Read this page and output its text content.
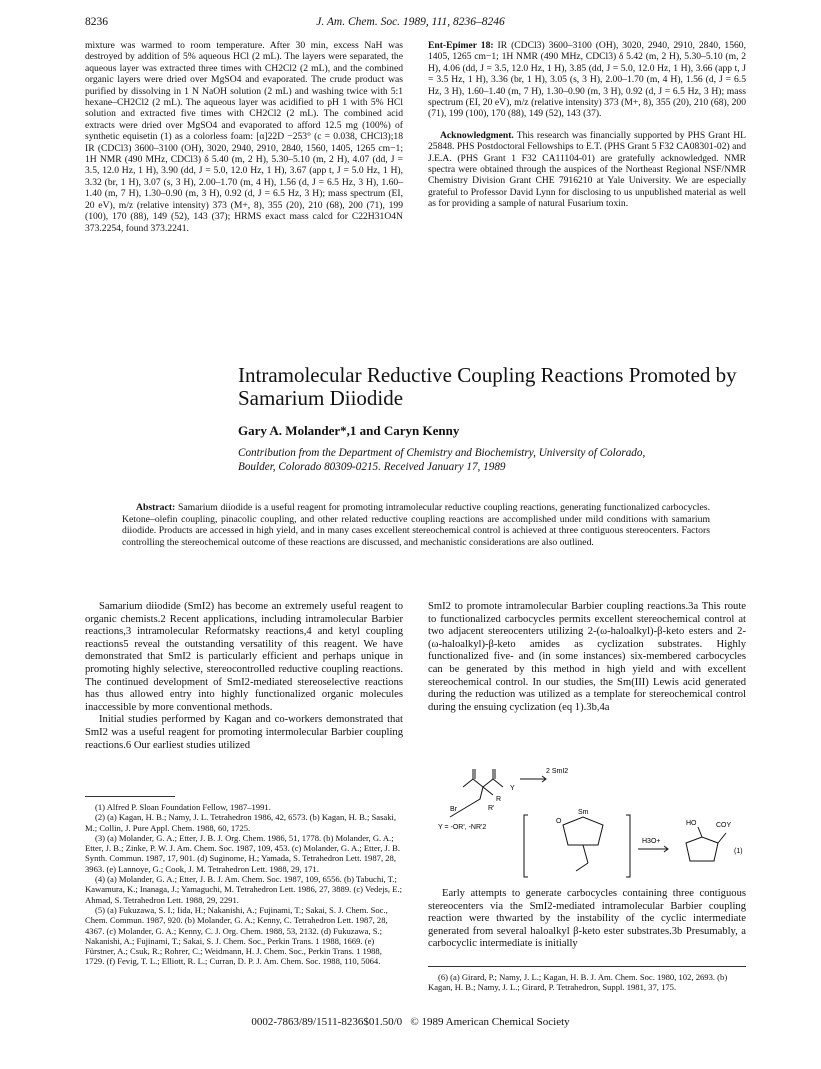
8236	J. Am. Chem. Soc. 1989, 111, 8236–8246

mixture was warmed to room temperature. After 30 min, excess NaH was destroyed by addition of 5% aqueous HCl (2 mL). The layers were separated, the aqueous layer was extracted three times with CH2Cl2 (2 mL), and the combined organic layers were dried over MgSO4 and evaporated. The crude product was purified by dissolving in 1 N NaOH solution (2 mL) and washing twice with 5:1 hexane–CH2Cl2 (2 mL). The aqueous layer was acidified to pH 1 with 5% HCl solution and extracted five times with CH2Cl2 (2 mL). The combined acid extracts were dried over MgSO4 and evaporated to afford 12.5 mg (100%) of synthetic equisetin (1) as a colorless foam: [α]22D −253° (c = 0.038, CHCl3);18 IR (CDCl3) 3600–3100 (OH), 3020, 2940, 2910, 2840, 1560, 1405, 1265 cm−1; 1H NMR (490 MHz, CDCl3) δ 5.40 (m, 2 H), 5.30–5.10 (m, 2 H), 4.07 (dd, J = 3.5, 12.0 Hz, 1 H), 3.90 (dd, J = 5.0, 12.0 Hz, 1 H), 3.67 (app t, J = 5.0 Hz, 1 H), 3.32 (br, 1 H), 3.07 (s, 3 H), 2.00–1.70 (m, 4 H), 1.56 (d, J = 6.5 Hz, 3 H), 1.60–1.40 (m, 7 H), 1.30–0.90 (m, 3 H), 0.92 (d, J = 6.5 Hz, 3 H); mass spectrum (EI, 20 eV), m/z (relative intensity) 373 (M+, 8), 355 (20), 210 (68), 200 (71), 199 (100), 170 (88), 149 (52), 143 (37); HRMS exact mass calcd for C22H31O4N 373.2254, found 373.2241.

Ent-Epimer 18: IR (CDCl3) 3600–3100 (OH), 3020, 2940, 2910, 2840, 1560, 1405, 1265 cm−1; 1H NMR (490 MHz, CDCl3) δ 5.42 (m, 2 H), 5.30–5.10 (m, 2 H), 4.06 (dd, J = 3.5, 12.0 Hz, 1 H), 3.85 (dd, J = 5.0, 12.0 Hz, 1 H), 3.66 (app t, J = 3.5 Hz, 1 H), 3.36 (br, 1 H), 3.05 (s, 3 H), 2.00–1.70 (m, 4 H), 1.56 (d, J = 6.5 Hz, 3 H), 1.60–1.40 (m, 7 H), 1.30–0.90 (m, 3 H), 0.92 (d, J = 6.5 Hz, 3 H); mass spectrum (EI, 20 eV), m/z (relative intensity) 373 (M+, 8), 355 (20), 210 (68), 200 (71), 199 (100), 170 (88), 149 (52), 143 (37).

Acknowledgment. This research was financially supported by PHS Grant HL 25848. PHS Postdoctoral Fellowships to E.T. (PHS Grant 5 F32 CA08301-02) and J.E.A. (PHS Grant 1 F32 CA11104-01) are gratefully acknowledged. NMR spectra were obtained through the auspices of the Northeast Regional NSF/NMR Chemistry Division Grant CHE 7916210 at Yale University. We are especially grateful to Professor David Lynn for disclosing to us unpublished material as well as for providing a sample of natural Fusarium toxin.

Intramolecular Reductive Coupling Reactions Promoted by
Samarium Diiodide
Gary A. Molander*,1 and Caryn Kenny
Contribution from the Department of Chemistry and Biochemistry, University of Colorado,
Boulder, Colorado 80309-0215. Received January 17, 1989
Abstract: Samarium diiodide is a useful reagent for promoting intramolecular reductive coupling reactions, generating functionalized carbocycles. Ketone–olefin coupling, pinacolic coupling, and other related reductive coupling reactions are accomplished under mild conditions with samarium diiodide. Products are accessed in high yield, and in many cases excellent stereochemical control is achieved at three contiguous stereocenters. Factors controlling the stereochemical outcome of these reactions are discussed, and mechanistic considerations are also outlined.

Samarium diiodide (SmI2) has become an extremely useful reagent to organic chemists.2 Recent applications, including intramolecular Barbier reactions,3 intramolecular Reformatsky reactions,4 and ketyl coupling reactions5 reveal the outstanding versatility of this reagent. We have demonstrated that SmI2 is particularly efficient and perhaps unique in promoting highly selective, stereocontrolled reductive coupling reactions. The continued development of SmI2-mediated stereoselective reactions has thus allowed entry into highly functionalized organic molecules inaccessible by more conventional methods.

Initial studies performed by Kagan and co-workers demonstrated that SmI2 was a useful reagent for promoting intermolecular Barbier coupling reactions.6 Our earliest studies utilized

SmI2 to promote intramolecular Barbier coupling reactions.3a This route to functionalized carbocycles permits excellent stereochemical control at two adjacent stereocenters utilizing 2-(ω-haloalkyl)-β-keto esters and 2-(ω-haloalkyl)-β-keto amides as cyclization substrates. Highly functionalized five- and (in some instances) six-membered carbocycles can be generated by this method in high yield and with excellent stereochemical control. In our studies, the Sm(III) Lewis acid generated during the reduction was utilized as a template for stereochemical control during the ensuing cyclization (eq 1).3b,4a

2 SmI2
Br
Y
R
R'
Y = -OR', -NR'2
Sm
O
H3O+
HO	COY
(1)

Early attempts to generate carbocycles containing three contiguous stereocenters via the SmI2-mediated intramolecular Barbier coupling reaction were thwarted by the instability of the cyclic intermediate generated from several haloalkyl β-keto ester substrates.3b Presumably, a carbocyclic intermediate is initially

(1) Alfred P. Sloan Foundation Fellow, 1987–1991.

(2) (a) Kagan, H. B.; Namy, J. L. Tetrahedron 1986, 42, 6573. (b) Kagan, H. B.; Sasaki, M.; Collin, J. Pure Appl. Chem. 1988, 60, 1725.

(3) (a) Molander, G. A.; Etter, J. B. J. Org. Chem. 1986, 51, 1778. (b) Molander, G. A.; Etter, J. B.; Zinke, P. W. J. Am. Chem. Soc. 1987, 109, 453. (c) Molander, G. A.; Etter, J. B. Synth. Commun. 1987, 17, 901. (d) Suginome, H.; Yamada, S. Tetrahedron Lett. 1987, 28, 3963. (e) Lannoye, G.; Cook, J. M. Tetrahedron Lett. 1988, 29, 171.

(4) (a) Molander, G. A.; Etter, J. B. J. Am. Chem. Soc. 1987, 109, 6556. (b) Tabuchi, T.; Kawamura, K.; Inanaga, J.; Yamaguchi, M. Tetrahedron Lett. 1986, 27, 3889. (c) Vedejs, E.; Ahmad, S. Tetrahedron Lett. 1988, 29, 2291.

(5) (a) Fukuzawa, S. I.; Iida, H.; Nakanishi, A.; Fujinami, T.; Sakai, S. J. Chem. Soc., Chem. Commun. 1987, 920. (b) Molander, G. A.; Kenny, C. Tetrahedron Lett. 1987, 28, 4367. (c) Molander, G. A.; Kenny, C. J. Org. Chem. 1988, 53, 2132. (d) Fukuzawa, S.; Nakanishi, A.; Fujinami, T.; Sakai, S. J. Chem. Soc., Perkin Trans. 1 1988, 1669. (e) Fürstner, A.; Csuk, R.; Rohrer, C.; Weidmann, H. J. Chem. Soc., Perkin Trans. 1 1988, 1729. (f) Fevig, T. L.; Elliott, R. L.; Curran, D. P. J. Am. Chem. Soc. 1988, 110, 5064.

(6) (a) Girard, P.; Namy, J. L.; Kagan, H. B. J. Am. Chem. Soc. 1980, 102, 2693. (b) Kagan, H. B.; Namy, J. L.; Girard, P. Tetrahedron, Suppl. 1981, 37, 175.

0002-7863/89/1511-8236$01.50/0   © 1989 American Chemical Society
